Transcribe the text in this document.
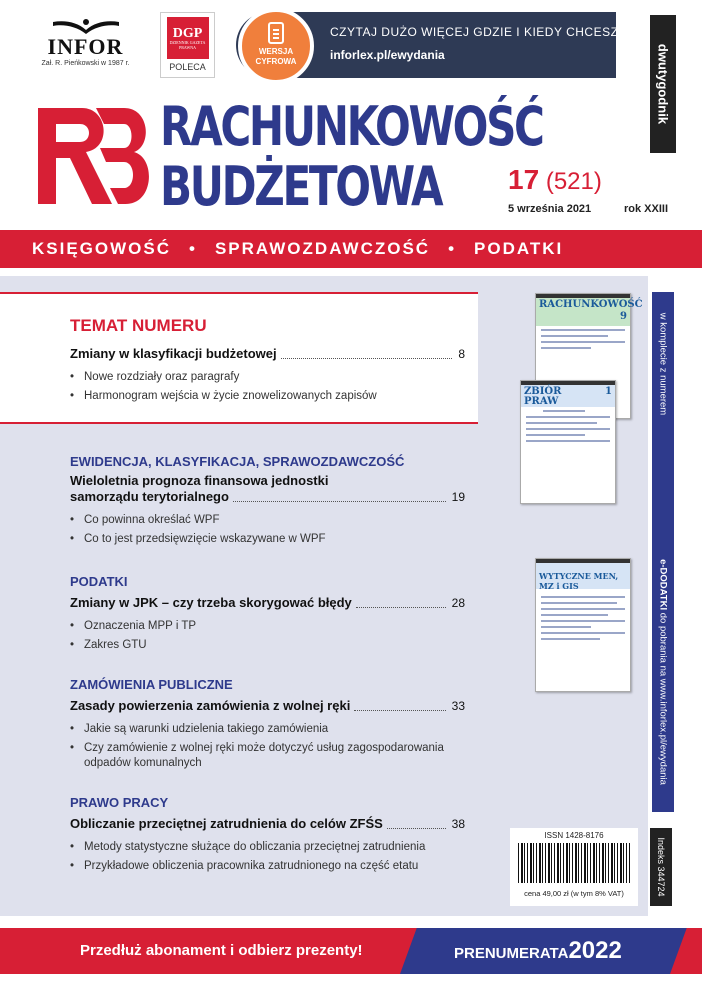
INFOR
Zał. R. Pieńkowski w 1987 r.
DGP
DZIENNIK GAZETA PRAWNA
POLECA
WERSJA
CYFROWA
CZYTAJ DUŻO WIĘCEJ GDZIE I KIEDY CHCESZ
inforlex.pl/ewydania	dwutygodnik
RACHUNKOWOŚĆ
BUDŻETOWA 17 (521)
5 września 2021	rok XXIII
KSIĘGOWOŚĆ • SPRAWOZDAWCZOŚĆ • PODATKI
TEMAT NUMERU
Zmiany w klasyfikacji budżetowej	8
• Nowe rozdziały oraz paragrafy
• Harmonogram wejścia w życie znowelizowanych zapisów
EWIDENCJA, KLASYFIKACJA, SPRAWOZDAWCZOŚĆ
Wieloletnia prognoza finansowa jednostki
samorządu terytorialnego	19
• Co powinna określać WPF
• Co to jest przedsięwzięcie wskazywane w WPF
PODATKI
Zmiany w JPK – czy trzeba skorygować błędy	28
• Oznaczenia MPP i TP
• Zakres GTU
ZAMÓWIENIA PUBLICZNE
Zasady powierzenia zamówienia z wolnej ręki	33
• Jakie są warunki udzielenia takiego zamówienia
• Czy zamówienie z wolnej ręki może dotyczyć usług zagospodarowania odpadów komunalnych
PRAWO PRACY
Obliczanie przeciętnej zatrudnienia do celów ZFŚS	38
• Metody statystyczne służące do obliczania przeciętnej zatrudnienia
• Przykładowe obliczenia pracownika zatrudnionego na część etatu
w komplecie z numerem
e-DODATKI do pobrania na www.inforlex.pl/ewydania
RACHUNKOWOŚĆ
9
ZBIÓR PRAW
1
WYTYCZNE MEN, MZ i GIS
ISSN 1428-8176
cena 49,00 zł (w tym 8% VAT)	Indeks 344724
Przedłuż abonament i odbierz prezenty!	PRENUMERATA2022
